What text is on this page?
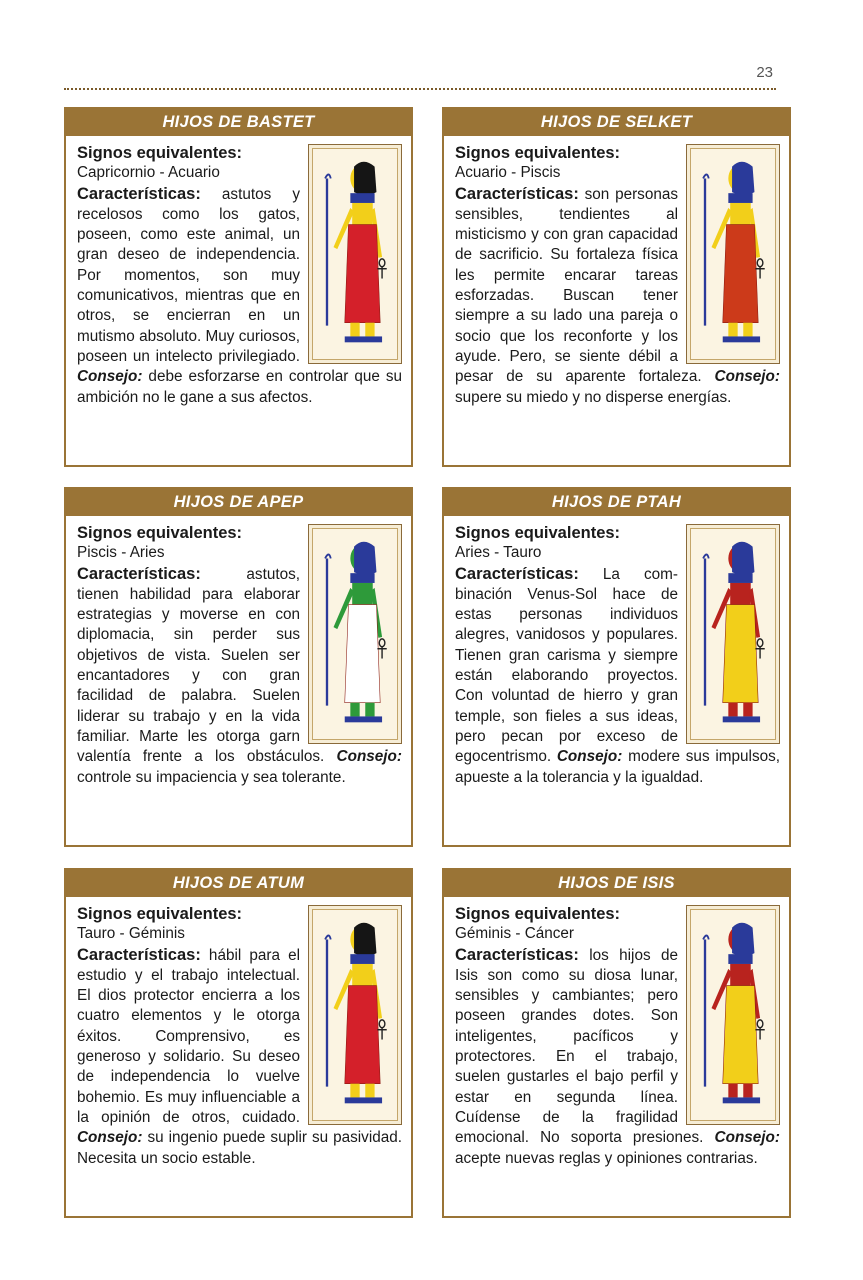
23
HIJOS DE BASTET
Signos equivalentes:
Capricornio - Acuario
Características: astutos y recelosos como los gatos, poseen, como este animal, un gran deseo de independencia. Por momentos, son muy comunicativos, mientras que en otros, se encierran en un mutismo absoluto. Muy curiosos, poseen un intelecto privilegiado. Consejo: debe esforzarse en controlar que su ambición no le gane a sus afectos.
HIJOS DE SELKET
Signos equivalentes:
Acuario - Piscis
Características: son personas sensibles, tendientes al misticismo y con gran capacidad de sacrificio. Su fortaleza física les permite encarar tareas esforzadas. Buscan tener siempre a su lado una pareja o socio que los reconforte y los ayude. Pero, se siente débil a pesar de su aparente fortaleza. Consejo: supere su miedo y no disperse energías.
HIJOS DE APEP
Signos equivalentes:
Piscis - Aries
Características: astutos, tienen habilidad para elaborar estrategias y moverse en con diplomacia, sin perder sus objetivos de vista. Suelen ser encantadores y con gran facilidad de palabra. Suelen liderar su trabajo y en la vida familiar. Marte les otorga garn valentía frente a los obstáculos. Consejo: controle su impaciencia y sea tolerante.
HIJOS DE PTAH
Signos equivalentes:
Aries - Tauro
Características: La combinación Venus-Sol hace de estas personas individuos alegres, vanidosos y populares. Tienen gran carisma y siempre están elaborando proyectos. Con voluntad de hierro y gran temple, son fieles a sus ideas, pero pecan por exceso de egocentrismo. Consejo: modere sus impulsos, apueste a la tolerancia y la igualdad.
HIJOS DE ATUM
Signos equivalentes:
Tauro - Géminis
Características: hábil para el estudio y el trabajo intelectual. El dios protector encierra a los cuatro elementos y le otorga éxitos. Comprensivo, es generoso y solidario. Su deseo de independencia lo vuelve bohemio. Es muy influenciable a la opinión de otros, cuidado. Consejo: su ingenio puede suplir su pasividad. Necesita un socio estable.
HIJOS DE ISIS
Signos equivalentes:
Géminis - Cáncer
Características: los hijos de Isis son como su diosa lunar, sensibles y cambiantes; pero poseen grandes dotes. Son inteligentes, pacíficos y protectores. En el trabajo, suelen gustarles el bajo perfil y estar en segunda línea. Cuídense de la fragilidad emocional. No soporta presiones. Consejo: acepte nuevas reglas y opiniones contrarias.
